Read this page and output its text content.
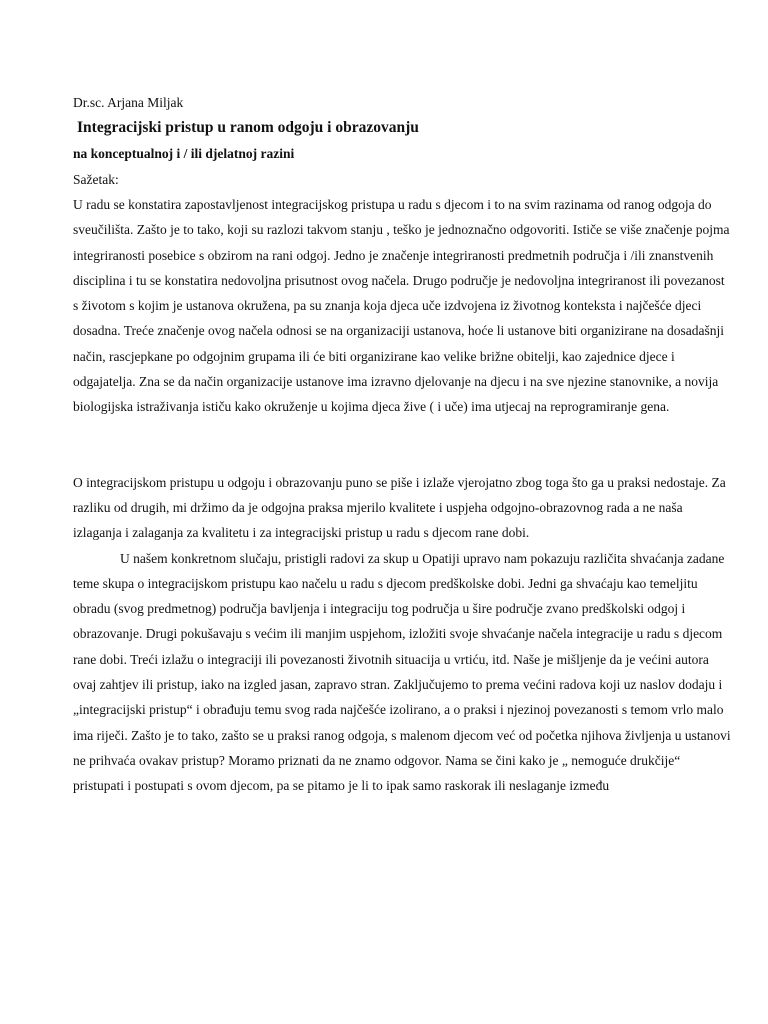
Dr.sc. Arjana Miljak
Integracijski pristup u ranom odgoju i obrazovanju
na konceptualnoj i / ili djelatnoj razini
Sažetak:

U radu se konstatira zapostavljenost integracijskog pristupa u radu s djecom i to na svim razinama od ranog odgoja do sveučilišta. Zašto je to tako, koji su razlozi takvom stanju , teško je jednoznačno odgovoriti. Ističe se više značenje pojma integriranosti posebice s obzirom na rani odgoj. Jedno je značenje integriranosti predmetnih područja i /ili znanstvenih disciplina i tu se konstatira nedovoljna prisutnost ovog načela. Drugo područje je nedovoljna integriranost ili povezanost s životom s kojim je ustanova okružena, pa su znanja koja djeca uče izdvojena iz životnog konteksta i najčešće djeci dosadna. Treće značenje ovog načela odnosi se na organizaciji ustanova, hoće li ustanove biti organizirane na dosadašnji način, rascjepkane po odgojnim grupama ili će biti organizirane kao velike brižne obitelji, kao zajednice djece i odgajatelja. Zna se da način organizacije ustanove ima izravno djelovanje na djecu i na sve njezine stanovnike, a novija biologijska istraživanja ističu kako okruženje u kojima djeca žive ( i uče) ima utjecaj na reprogramiranje gena.

O integracijskom pristupu u odgoju i obrazovanju puno se piše i izlaže vjerojatno zbog toga što ga u praksi nedostaje. Za razliku od drugih, mi držimo da je odgojna praksa mjerilo kvalitete i uspjeha odgojno-obrazovnog rada a ne naša izlaganja i zalaganja za kvalitetu i za integracijski pristup u radu s djecom rane dobi.

U našem konkretnom slučaju, pristigli radovi za skup u Opatiji upravo nam pokazuju različita shvaćanja zadane teme skupa o integracijskom pristupu kao načelu u radu s djecom predškolske dobi. Jedni ga shvaćaju kao temeljitu obradu (svog predmetnog) područja bavljenja i integraciju tog područja u šire područje zvano predškolski odgoj i obrazovanje. Drugi pokušavaju s većim ili manjim uspjehom, izložiti svoje shvaćanje načela integracije u radu s djecom rane dobi. Treći izlažu o integraciji ili povezanosti životnih situacija u vrtiću, itd. Naše je mišljenje da je većini autora ovaj zahtjev ili pristup, iako na izgled jasan, zapravo stran. Zaključujemo to prema većini radova koji uz naslov dodaju i „integracijski pristup“ i obrađuju temu svog rada najčešće izolirano, a o praksi i njezinoj povezanosti s temom vrlo malo ima riječi. Zašto je to tako, zašto se u praksi ranog odgoja, s malenom djecom već od početka njihova življenja u ustanovi ne prihvaća ovakav pristup? Moramo priznati da ne znamo odgovor. Nama se čini kako je „ nemoguće drukčije“ pristupati i postupati s ovom djecom, pa se pitamo je li to ipak samo raskorak ili neslaganje između
